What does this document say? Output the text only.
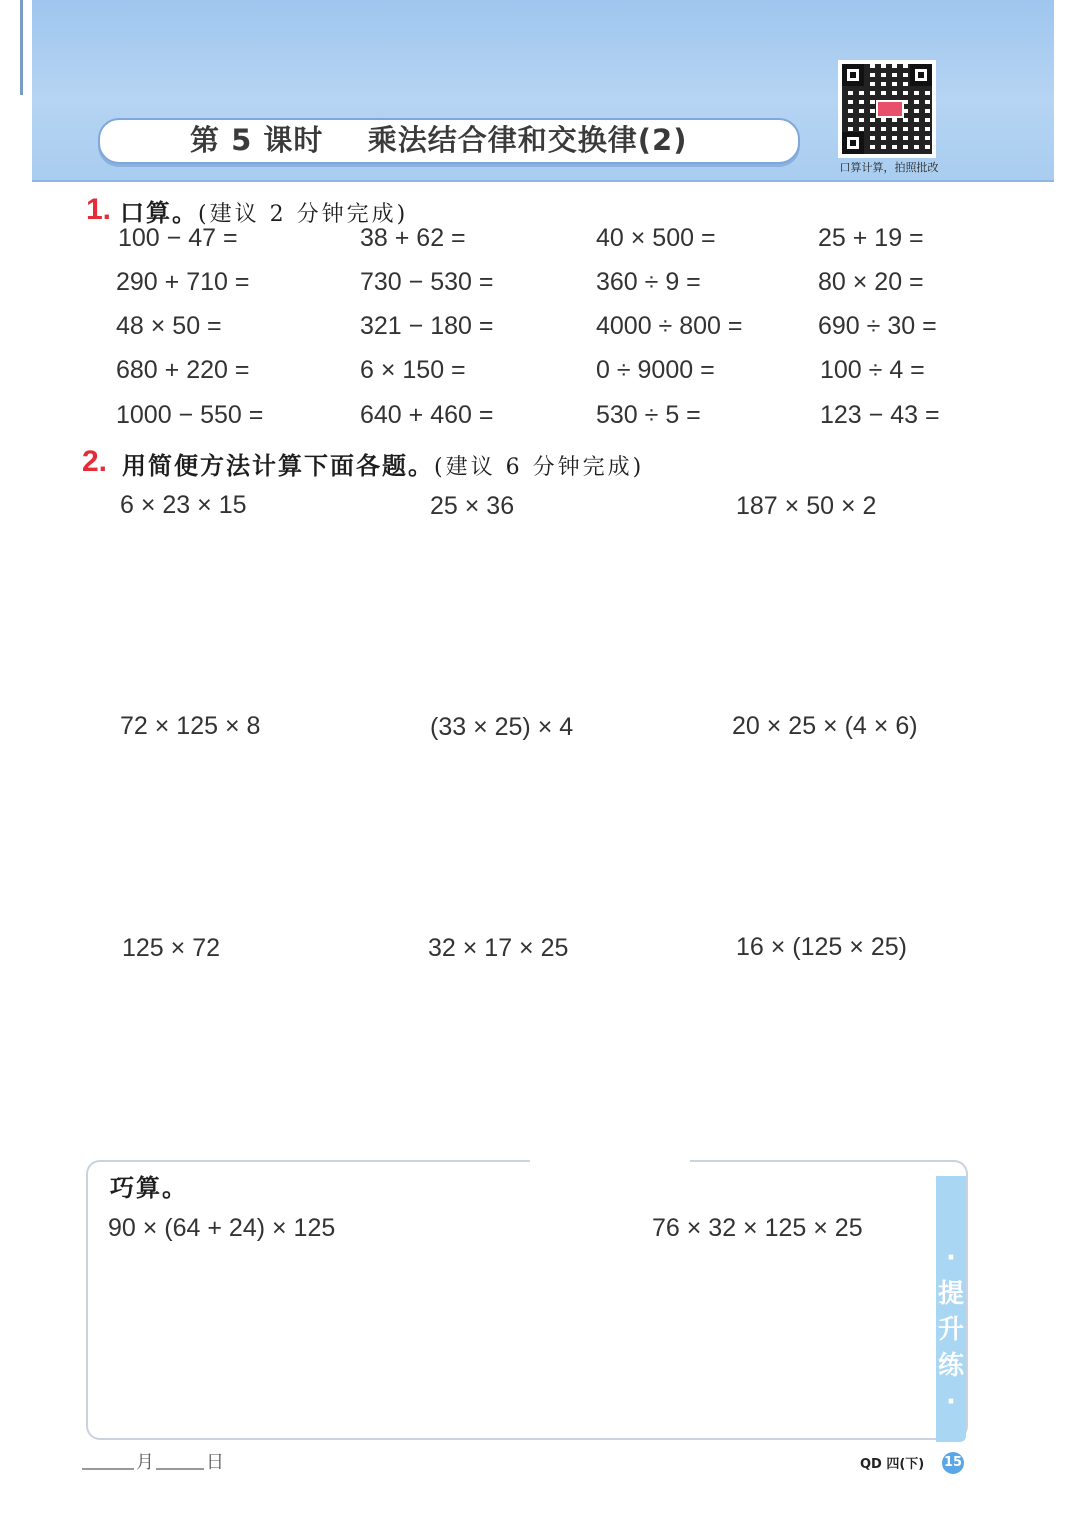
第 5 课时    乘法结合律和交换律(2)
口算计算，拍照批改
1. 口算。(建议 2 分钟完成)
100 − 47 =	38 + 62 =	40 × 500 =	25 + 19 =
290 + 710 =	730 − 530 =	360 ÷ 9 =	80 × 20 =
48 × 50 =	321 − 180 =	4000 ÷ 800 =	690 ÷ 30 =
680 + 220 =	6 × 150 =	0 ÷ 9000 =	100 ÷ 4 =
1000 − 550 =	640 + 460 =	530 ÷ 5 =	123 − 43 =
2. 用简便方法计算下面各题。(建议 6 分钟完成)
6 × 23 × 15	25 × 36	187 × 50 × 2
72 × 125 × 8	(33 × 25) × 4	20 × 25 × (4 × 6)
125 × 72	32 × 17 × 25	16 × (125 × 25)
·提升练·
巧算。
90 × (64 + 24) × 125	76 × 32 × 125 × 25
月	日	QD 四(下) 15
